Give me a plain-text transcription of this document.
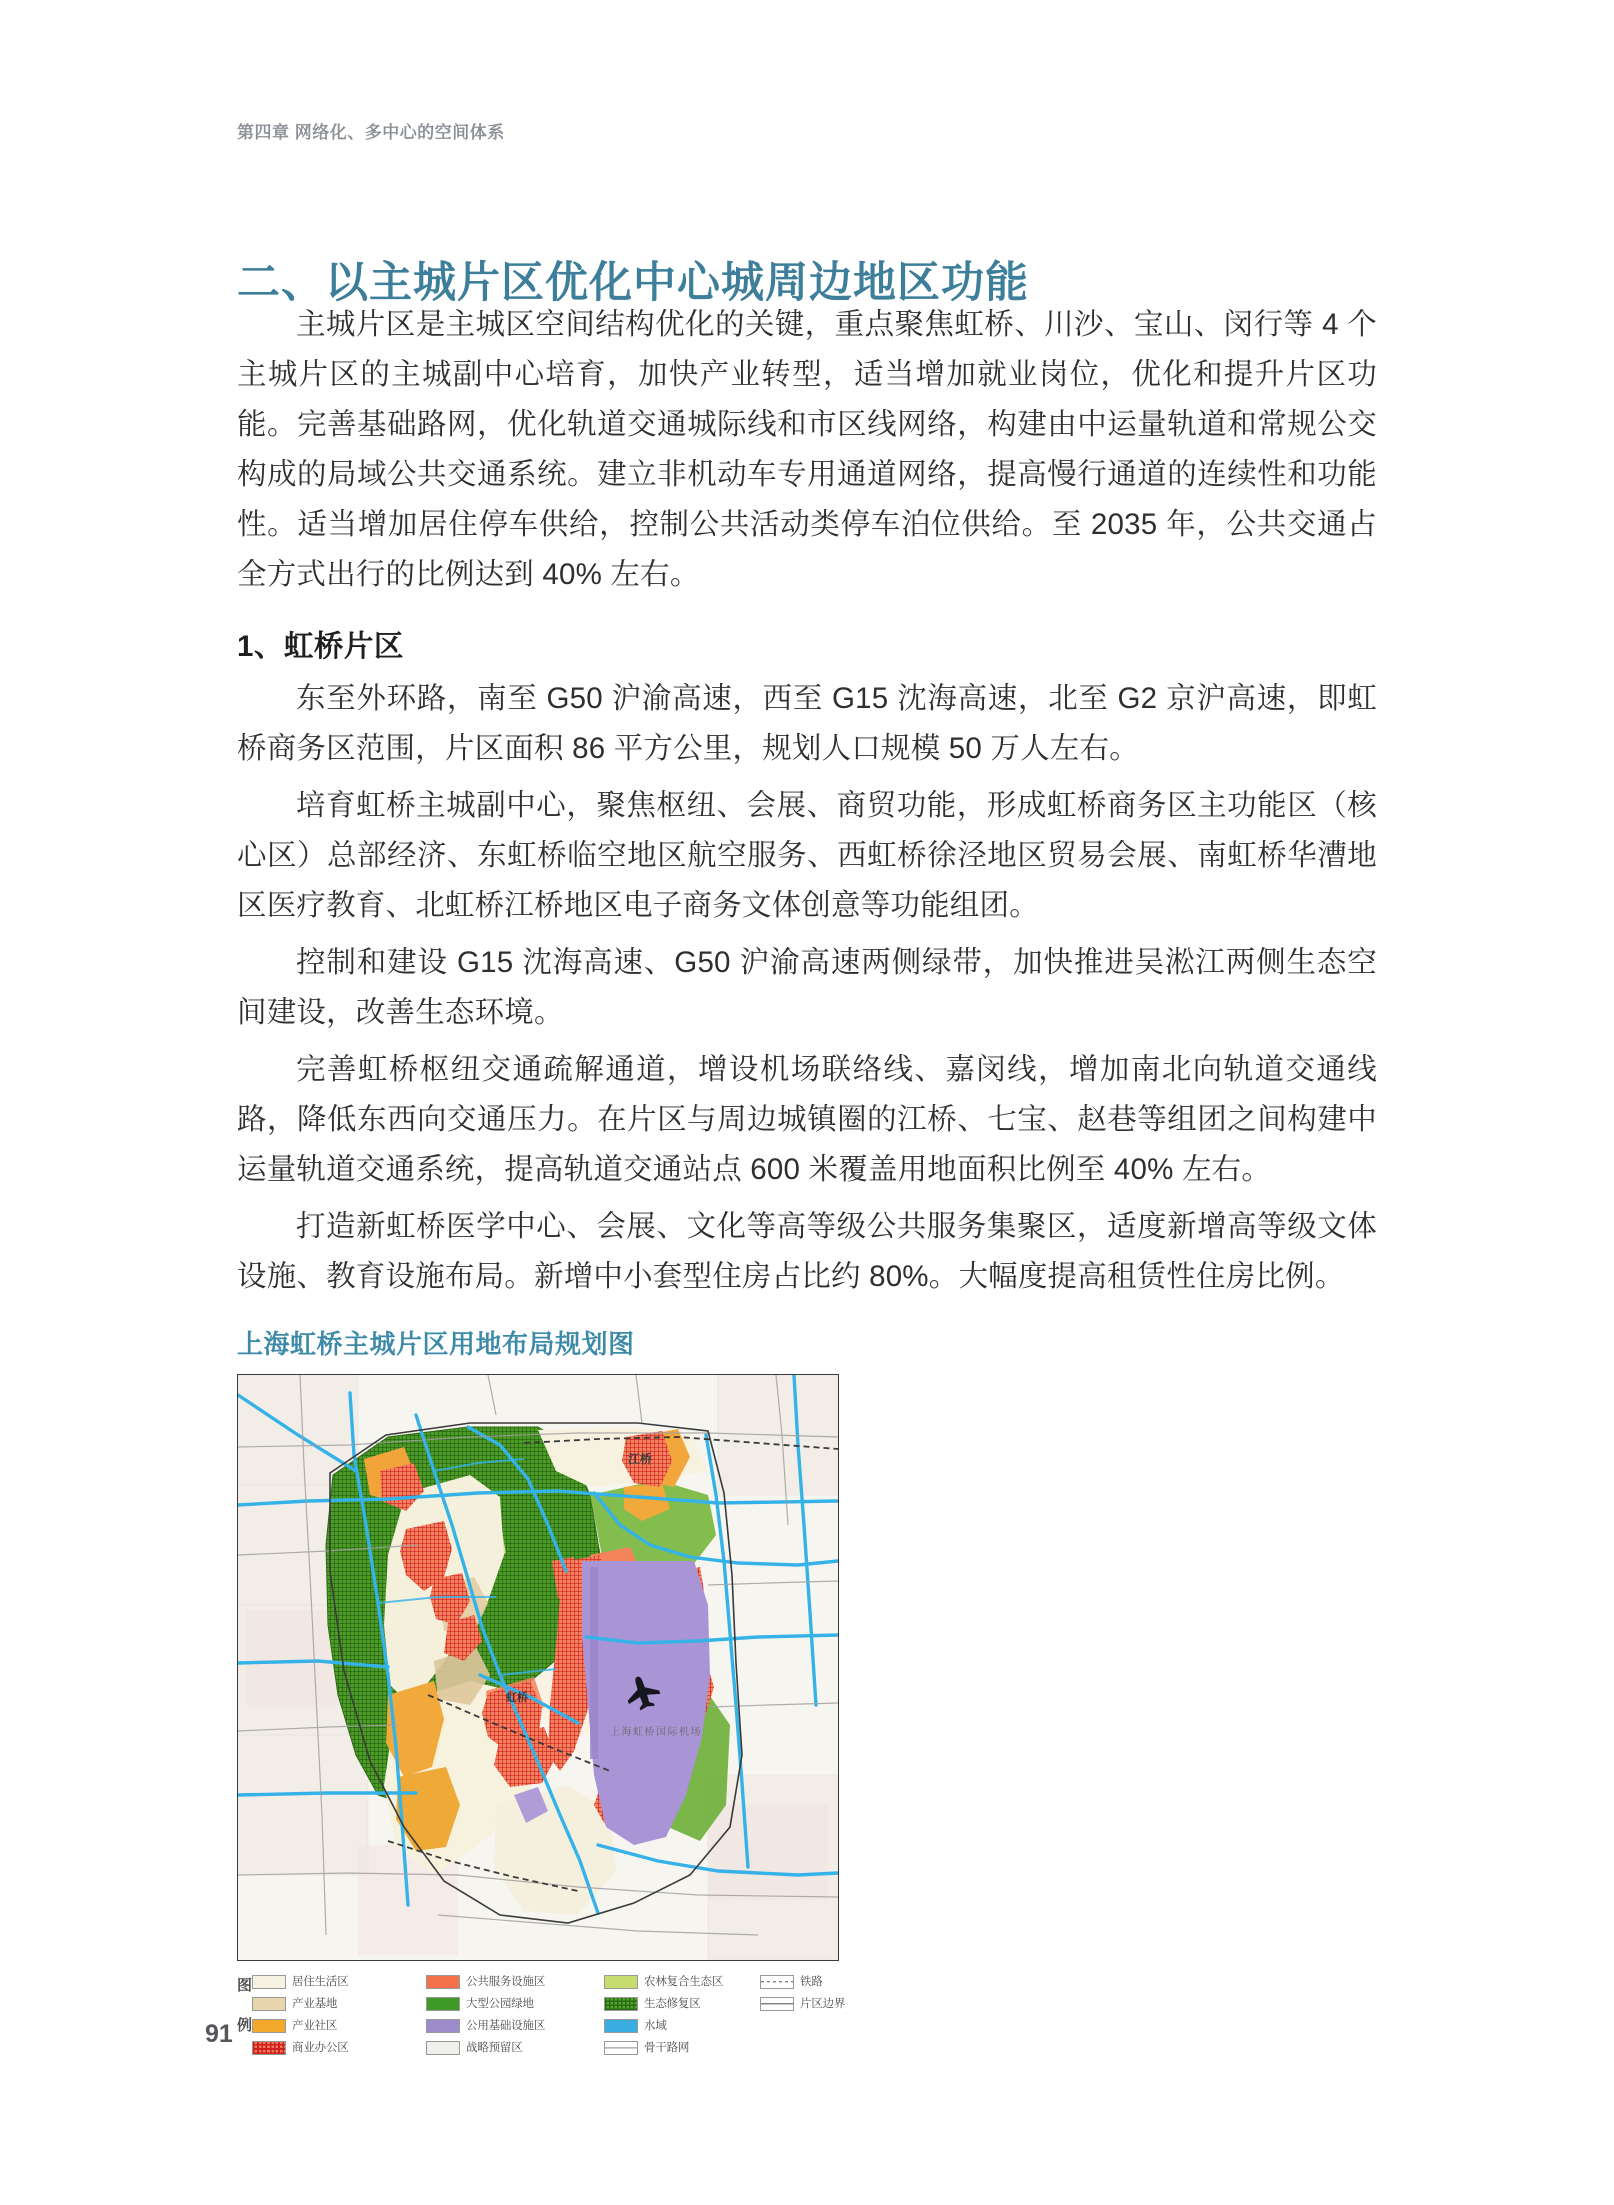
第四章 网络化、多中心的空间体系
二、以主城片区优化中心城周边地区功能

主城片区是主城区空间结构优化的关键，重点聚焦虹桥、川沙、宝山、闵行等 4 个主城片区的主城副中心培育，加快产业转型，适当增加就业岗位，优化和提升片区功能。完善基础路网，优化轨道交通城际线和市区线网络，构建由中运量轨道和常规公交构成的局域公共交通系统。建立非机动车专用通道网络，提高慢行通道的连续性和功能性。适当增加居住停车供给，控制公共活动类停车泊位供给。至 2035 年，公共交通占全方式出行的比例达到 40% 左右。

1、虹桥片区

东至外环路，南至 G50 沪渝高速，西至 G15 沈海高速，北至 G2 京沪高速，即虹桥商务区范围，片区面积 86 平方公里，规划人口规模 50 万人左右。

培育虹桥主城副中心，聚焦枢纽、会展、商贸功能，形成虹桥商务区主功能区（核心区）总部经济、东虹桥临空地区航空服务、西虹桥徐泾地区贸易会展、南虹桥华漕地区医疗教育、北虹桥江桥地区电子商务文体创意等功能组团。

控制和建设 G15 沈海高速、G50 沪渝高速两侧绿带，加快推进吴淞江两侧生态空间建设，改善生态环境。

完善虹桥枢纽交通疏解通道，增设机场联络线、嘉闵线，增加南北向轨道交通线路，降低东西向交通压力。在片区与周边城镇圈的江桥、七宝、赵巷等组团之间构建中运量轨道交通系统，提高轨道交通站点 600 米覆盖用地面积比例至 40% 左右。

打造新虹桥医学中心、会展、文化等高等级公共服务集聚区，适度新增高等级文体设施、教育设施布局。新增中小套型住房占比约 80%。大幅度提高租赁性住房比例。

上海虹桥主城片区用地布局规划图
江桥
虹桥
上海虹桥国际机场
图
例
居住生活区
产业基地
产业社区
商业办公区
公共服务设施区
大型公园绿地
公用基础设施区
战略预留区
农林复合生态区
生态修复区
水域
骨干路网
铁路
片区边界
91
